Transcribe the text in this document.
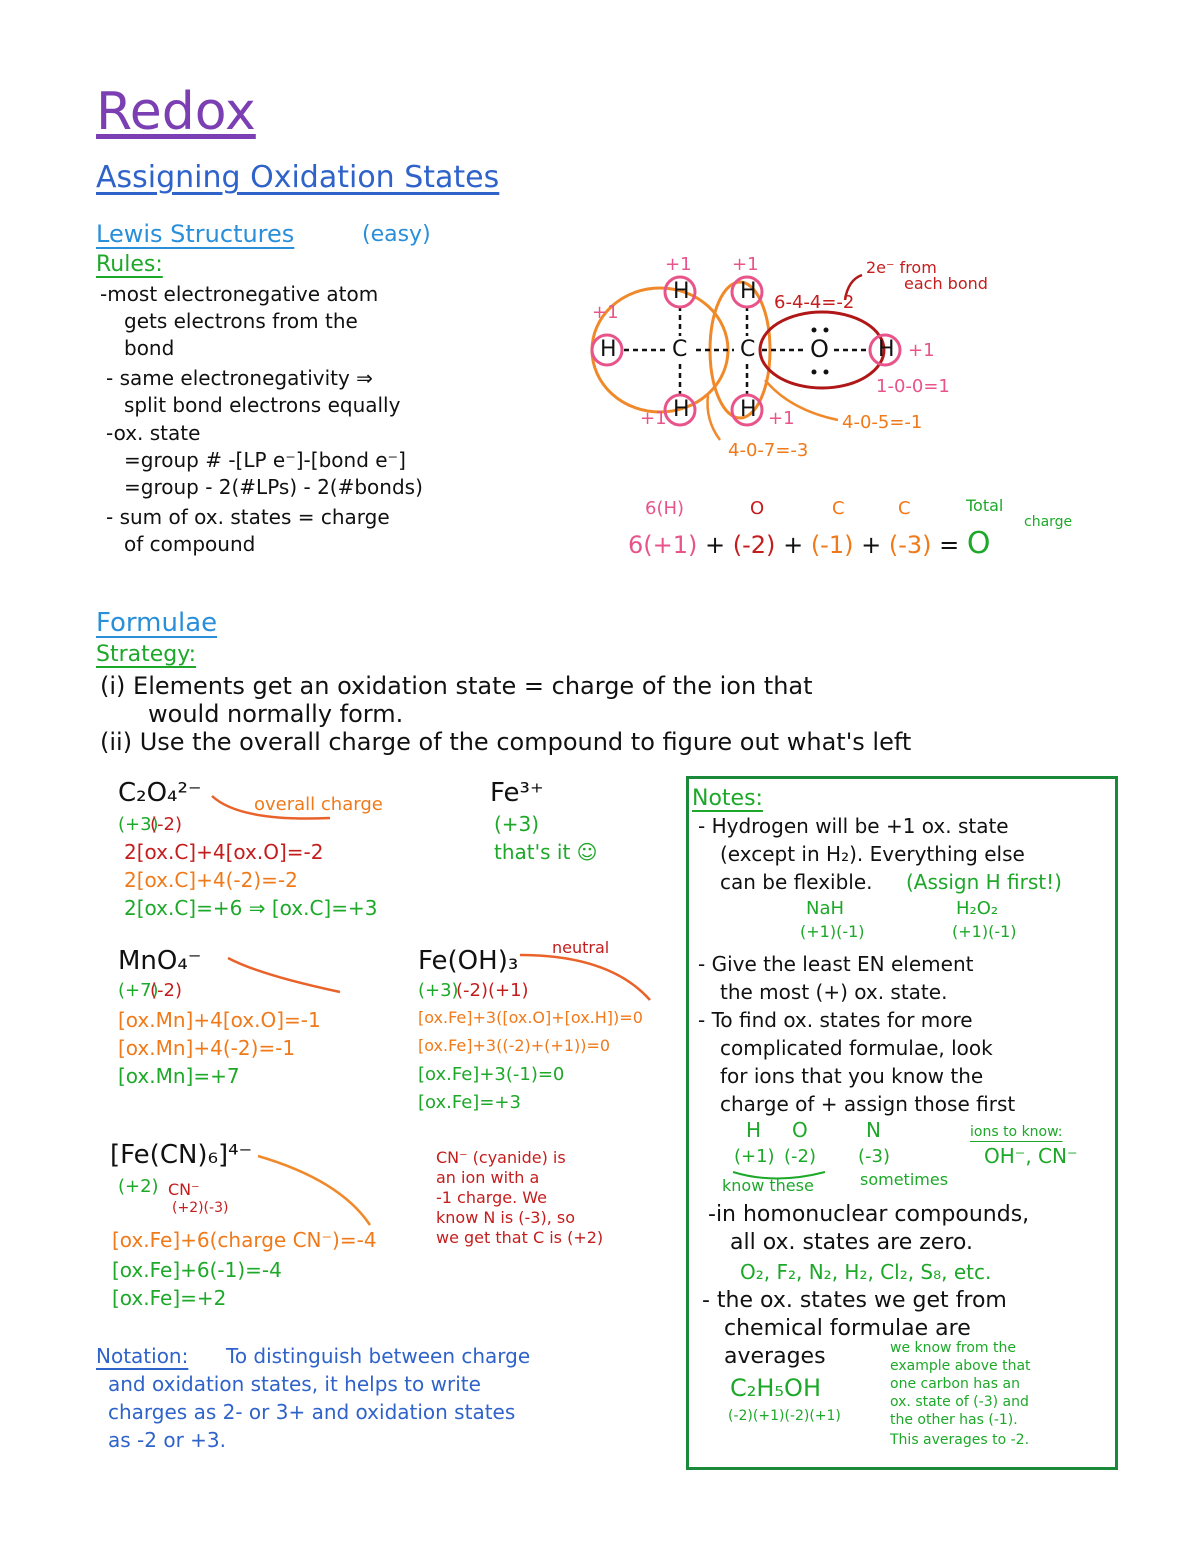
Redox
Assigning Oxidation States
Lewis Structures	(easy)
Rules:
-most electronegative atom
gets electrons from the
bond
- same electronegativity ⇒
split bond electrons equally
-ox. state
=group # -[LP e⁻]-[bond e⁻]
=group - 2(#LPs) - 2(#bonds)
- sum of ox. states = charge
of compound
H
H H
C C O H
H H
+1 +1
+1
+1
+1	+1
2e⁻ from
each bond
6-4-4=-2
1-0-0=1
4-0-5=-1
4-0-7=-3
6(H)	O	C	C	Total
charge
6(+1) + (-2) + (-1) + (-3) = O
Formulae
Strategy:
(i) Elements get an oxidation state = charge of the ion that
would normally form.
(ii) Use the overall charge of the compound to figure out what's left
C₂O₄²⁻	overall charge
(+3)
(-2)
2[ox.C]+4[ox.O]=-2
2[ox.C]+4(-2)=-2
2[ox.C]=+6 ⇒ [ox.C]=+3
Fe³⁺
(+3)
that's it ☺
MnO₄⁻
(+7)
(-2)
[ox.Mn]+4[ox.O]=-1
[ox.Mn]+4(-2)=-1
[ox.Mn]=+7
Fe(OH)₃ neutral
(+3)
(-2)(+1)
[ox.Fe]+3([ox.O]+[ox.H])=0
[ox.Fe]+3((-2)+(+1))=0
[ox.Fe]+3(-1)=0
[ox.Fe]=+3
[Fe(CN)₆]⁴⁻
(+2) CN⁻
(+2)(-3)
[ox.Fe]+6(charge CN⁻)=-4
[ox.Fe]+6(-1)=-4
[ox.Fe]=+2
CN⁻ (cyanide) is
an ion with a
-1 charge. We
know N is (-3), so
we get that C is (+2)
Notation: To distinguish between charge
and oxidation states, it helps to write
charges as 2- or 3+ and oxidation states
as -2 or +3.
Notes:
- Hydrogen will be +1 ox. state
(except in H₂). Everything else
can be flexible. (Assign H first!)
NaH
(+1)(-1)
H₂O₂
(+1)(-1)
- Give the least EN element
the most (+) ox. state.
- To find ox. states for more
complicated formulae, look
for ions that you know the
charge of + assign those first
H O
(+1) (-2)
know these
N
(-3)
sometimes
ions to know:
OH⁻, CN⁻
-in homonuclear compounds,
all ox. states are zero.
O₂, F₂, N₂, H₂, Cl₂, S₈, etc.
- the ox. states we get from
chemical formulae are
averages
C₂H₅OH
(-2)(+1)(-2)(+1)
we know from the
example above that
one carbon has an
ox. state of (-3) and
the other has (-1).
This averages to -2.
